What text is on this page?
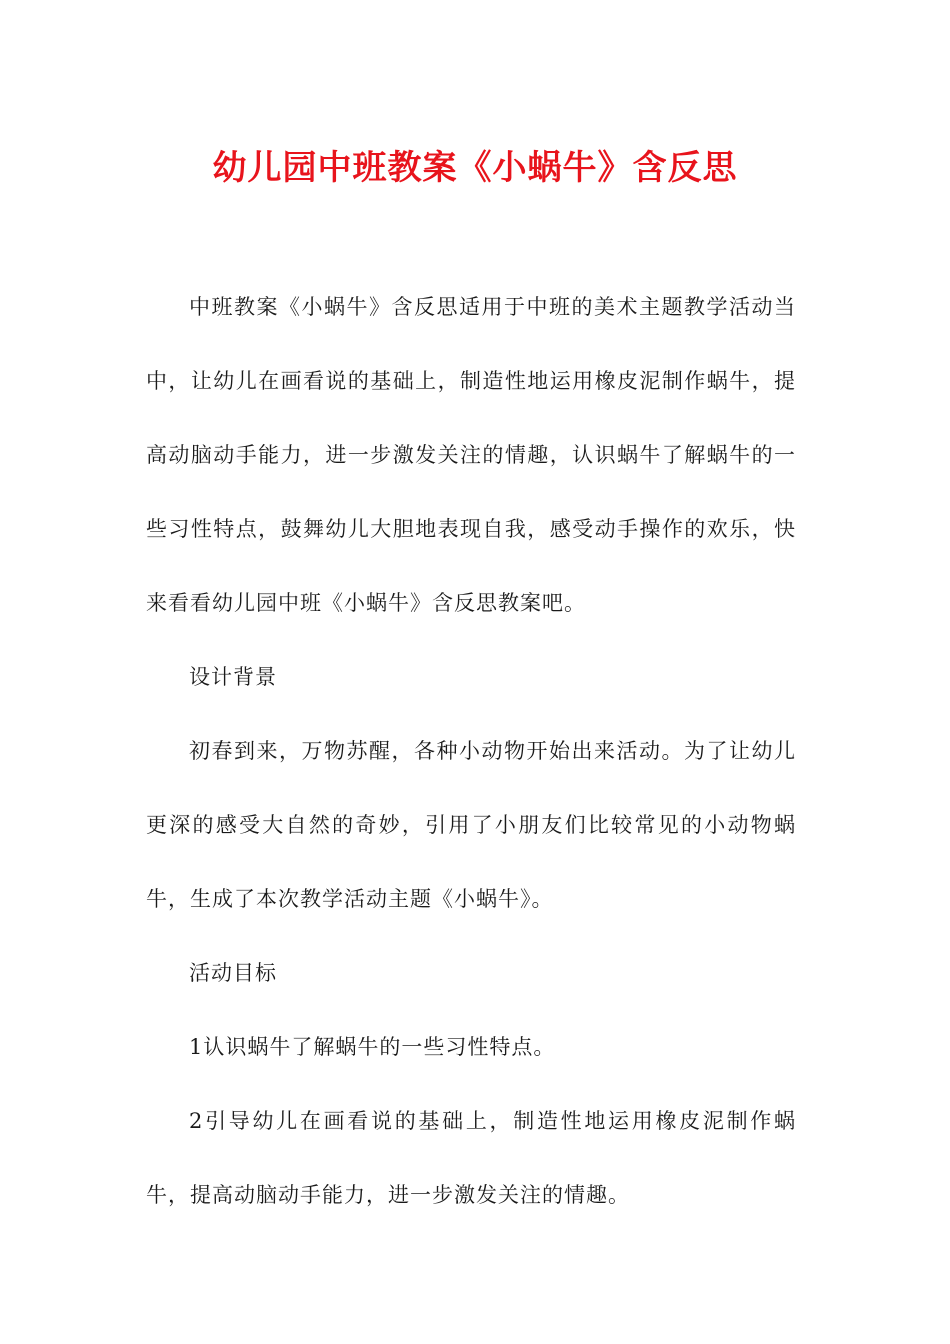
幼儿园中班教案《小蜗牛》含反思

中班教案《小蜗牛》含反思适用于中班的美术主题教学活动当中，让幼儿在画看说的基础上，制造性地运用橡皮泥制作蜗牛，提高动脑动手能力，进一步激发关注的情趣，认识蜗牛了解蜗牛的一些习性特点，鼓舞幼儿大胆地表现自我，感受动手操作的欢乐，快来看看幼儿园中班《小蜗牛》含反思教案吧。

设计背景

初春到来，万物苏醒，各种小动物开始出来活动。为了让幼儿更深的感受大自然的奇妙，引用了小朋友们比较常见的小动物蜗牛，生成了本次教学活动主题《小蜗牛》。

活动目标

1认识蜗牛了解蜗牛的一些习性特点。

2引导幼儿在画看说的基础上，制造性地运用橡皮泥制作蜗牛，提高动脑动手能力，进一步激发关注的情趣。
